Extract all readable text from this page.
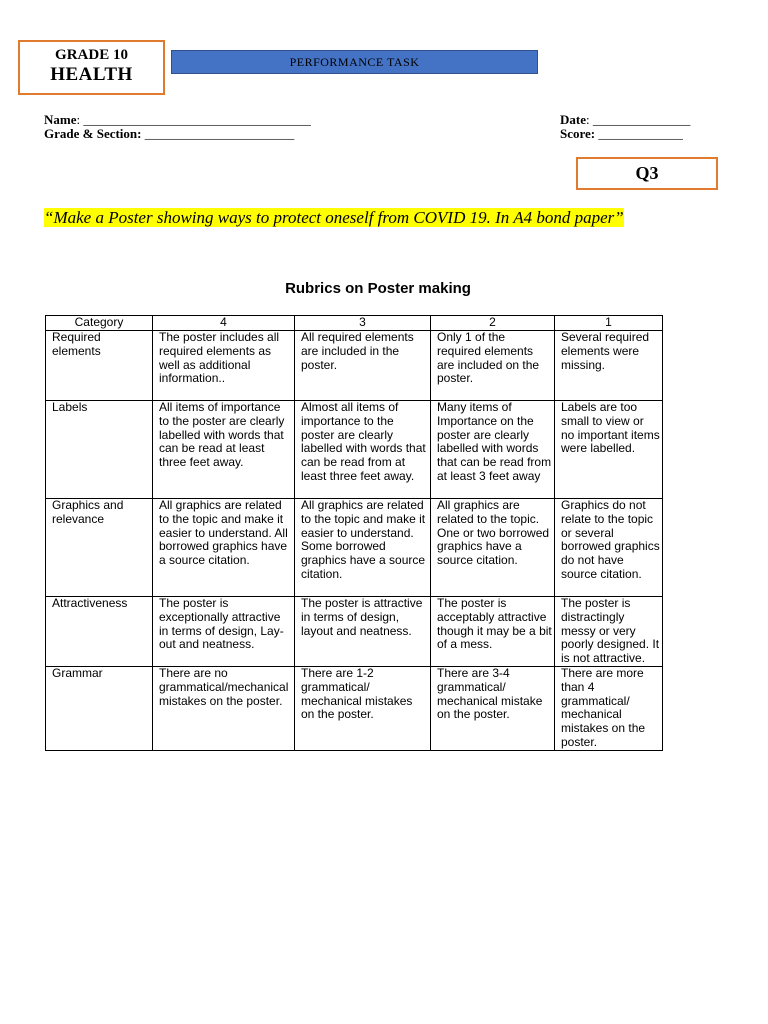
GRADE 10
HEALTH
PERFORMANCE TASK
Name: ___________________________________
Grade & Section: _______________________
Date: _______________
Score: _____________
Q3
“Make a Poster showing ways to protect oneself from COVID 19. In A4 bond paper”
Rubrics on Poster making
Category	4	3	2	1
Required elements	The poster includes all required elements as well as additional information..	All required elements are included in the poster.	Only 1 of the required elements are included on the poster.	Several required elements were missing.
Labels	All items of importance to the poster are clearly labelled with words that can be read at least three feet away.	Almost all items of importance to the poster are clearly labelled with words that can be read from at least three feet away.	Many items of Importance on the poster are clearly labelled with words that can be read from at least 3 feet away	Labels are too small to view or no important items were labelled.
Graphics and relevance	All graphics are related to the topic and make it easier to understand. All borrowed graphics have a source citation.	All graphics are related to the topic and make it easier to understand. Some borrowed graphics have a source citation.	All graphics are related to the topic. One or two borrowed graphics have a source citation.	Graphics do not relate to the topic or several borrowed graphics do not have source citation.
Attractiveness	The poster is exceptionally attractive in terms of design, Lay-out and neatness.	The poster is attractive in terms of design, layout and neatness.	The poster is acceptably attractive though it may be a bit of a mess.	The poster is distractingly messy or very poorly designed. It is not attractive.
Grammar	There are no grammatical/mechanical mistakes on the poster.	There are 1-2 grammatical/ mechanical mistakes on the poster.	There are 3-4 grammatical/ mechanical mistake on the poster.	There are more than 4 grammatical/ mechanical mistakes on the poster.
